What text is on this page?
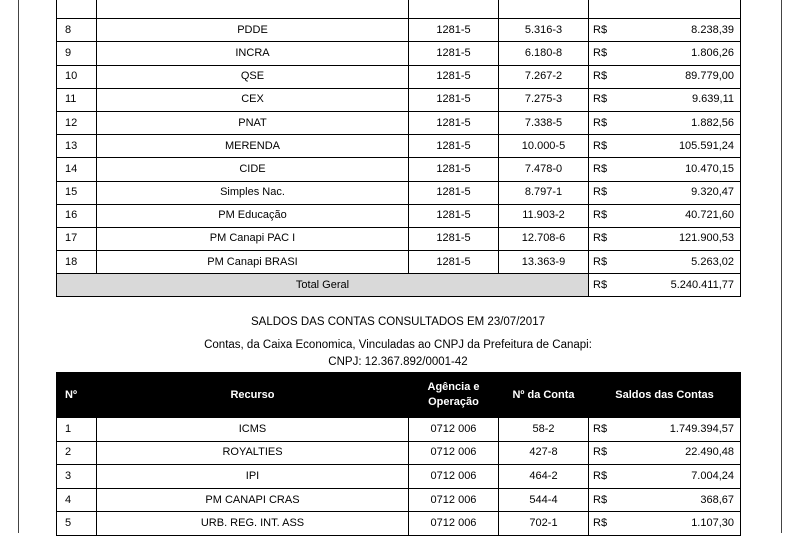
8	PDDE	1281-5	5.316-3	R$	8.238,39
9	INCRA	1281-5	6.180-8	R$	1.806,26
10	QSE	1281-5	7.267-2	R$	89.779,00
11	CEX	1281-5	7.275-3	R$	9.639,11
12	PNAT	1281-5	7.338-5	R$	1.882,56
13	MERENDA	1281-5	10.000-5	R$	105.591,24
14	CIDE	1281-5	7.478-0	R$	10.470,15
15	Simples Nac.	1281-5	8.797-1	R$	9.320,47
16	PM Educação	1281-5	11.903-2	R$	40.721,60
17	PM Canapi PAC I	1281-5	12.708-6	R$	121.900,53
18	PM Canapi BRASI	1281-5	13.363-9	R$	5.263,02
Total Geral				R$	5.240.411,77
SALDOS DAS CONTAS CONSULTADOS EM 23/07/2017
Contas, da Caixa Economica, Vinculadas ao CNPJ da Prefeitura de Canapi:
CNPJ: 12.367.892/0001-42
Nº	Recurso	Agência e Operação	Nº da Conta	Saldos das Contas	
1	ICMS	0712 006	58-2	R$	1.749.394,57
2	ROYALTIES	0712 006	427-8	R$	22.490,48
3	IPI	0712 006	464-2	R$	7.004,24
4	PM CANAPI CRAS	0712 006	544-4	R$	368,67
5	URB. REG. INT. ASS	0712 006	702-1	R$	1.107,30
